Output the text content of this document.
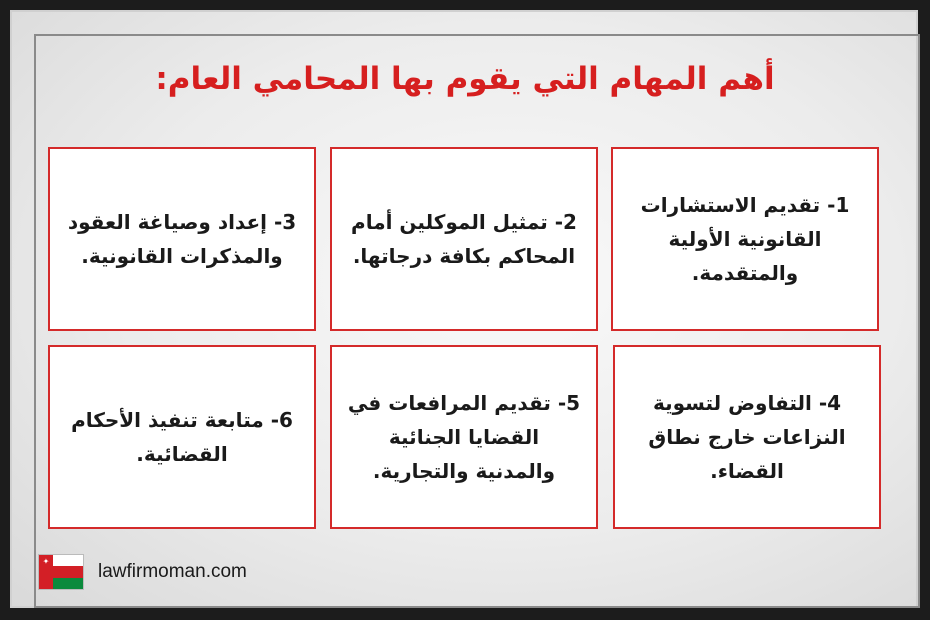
أهم المهام التي يقوم بها المحامي العام:
1- تقديم الاستشارات القانونية الأولية والمتقدمة.
2- تمثيل الموكلين أمام المحاكم بكافة درجاتها.
3- إعداد وصياغة العقود والمذكرات القانونية.
4- التفاوض لتسوية النزاعات خارج نطاق القضاء.
5- تقديم المرافعات في القضايا الجنائية والمدنية والتجارية.
6- متابعة تنفيذ الأحكام القضائية.
✦	lawfirmoman.com
